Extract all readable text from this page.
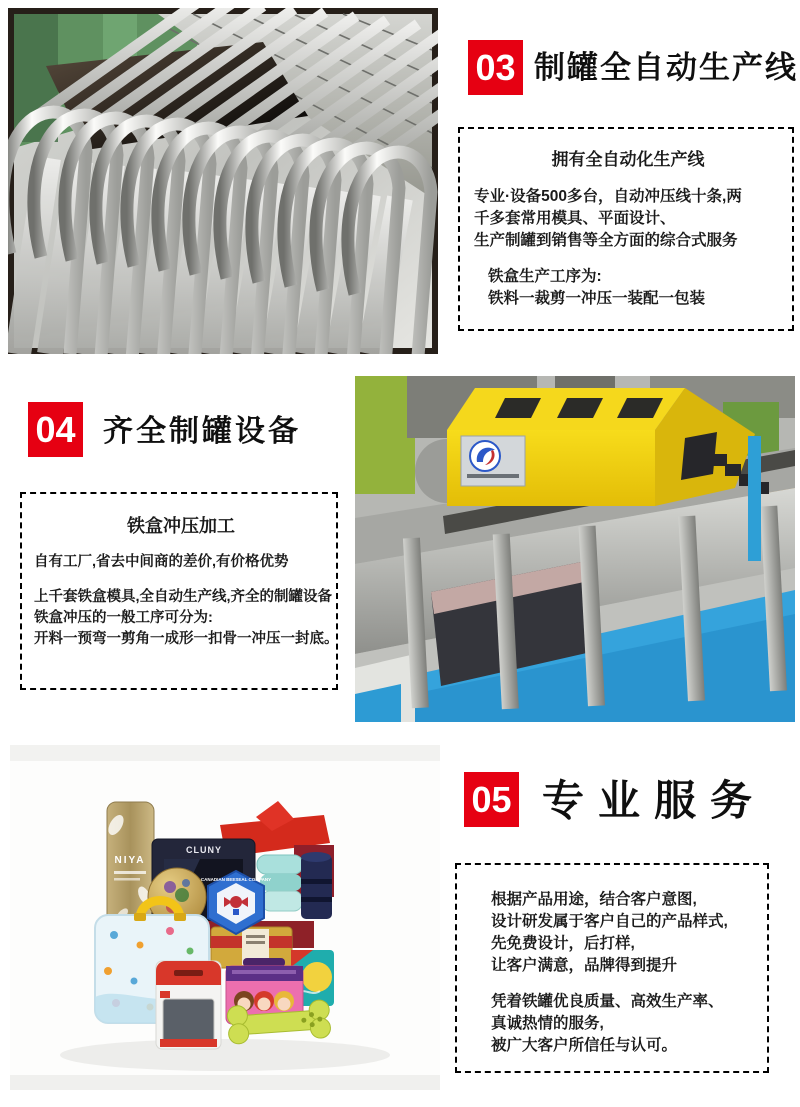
03 制罐全自动生产线
拥有全自动化生产线
专业·设备500多台，自动冲压线十条,两
千多套常用模具、平面设计、
生产制罐到销售等全方面的综合式服务
铁盒生产工序为:
铁料一裁剪一冲压一装配一包装
04 齐全制罐设备
铁盒冲压加工
自有工厂,省去中间商的差价,有价格优势
上千套铁盒模具,全自动生产线,齐全的制罐设备
铁盒冲压的一般工序可分为:
开料一预弯一剪角一成形一扣骨一冲压一封底。
NIYA
CLUNY
CANADIAN BEESEAL COMPANY
05 专业服务
根据产品用途，结合客户意图,
设计研发属于客户自己的产品样式,
先免费设计，后打样,
让客户满意，品牌得到提升
凭着铁罐优良质量、高效生产率、
真诚热情的服务,
被广大客户所信任与认可。
